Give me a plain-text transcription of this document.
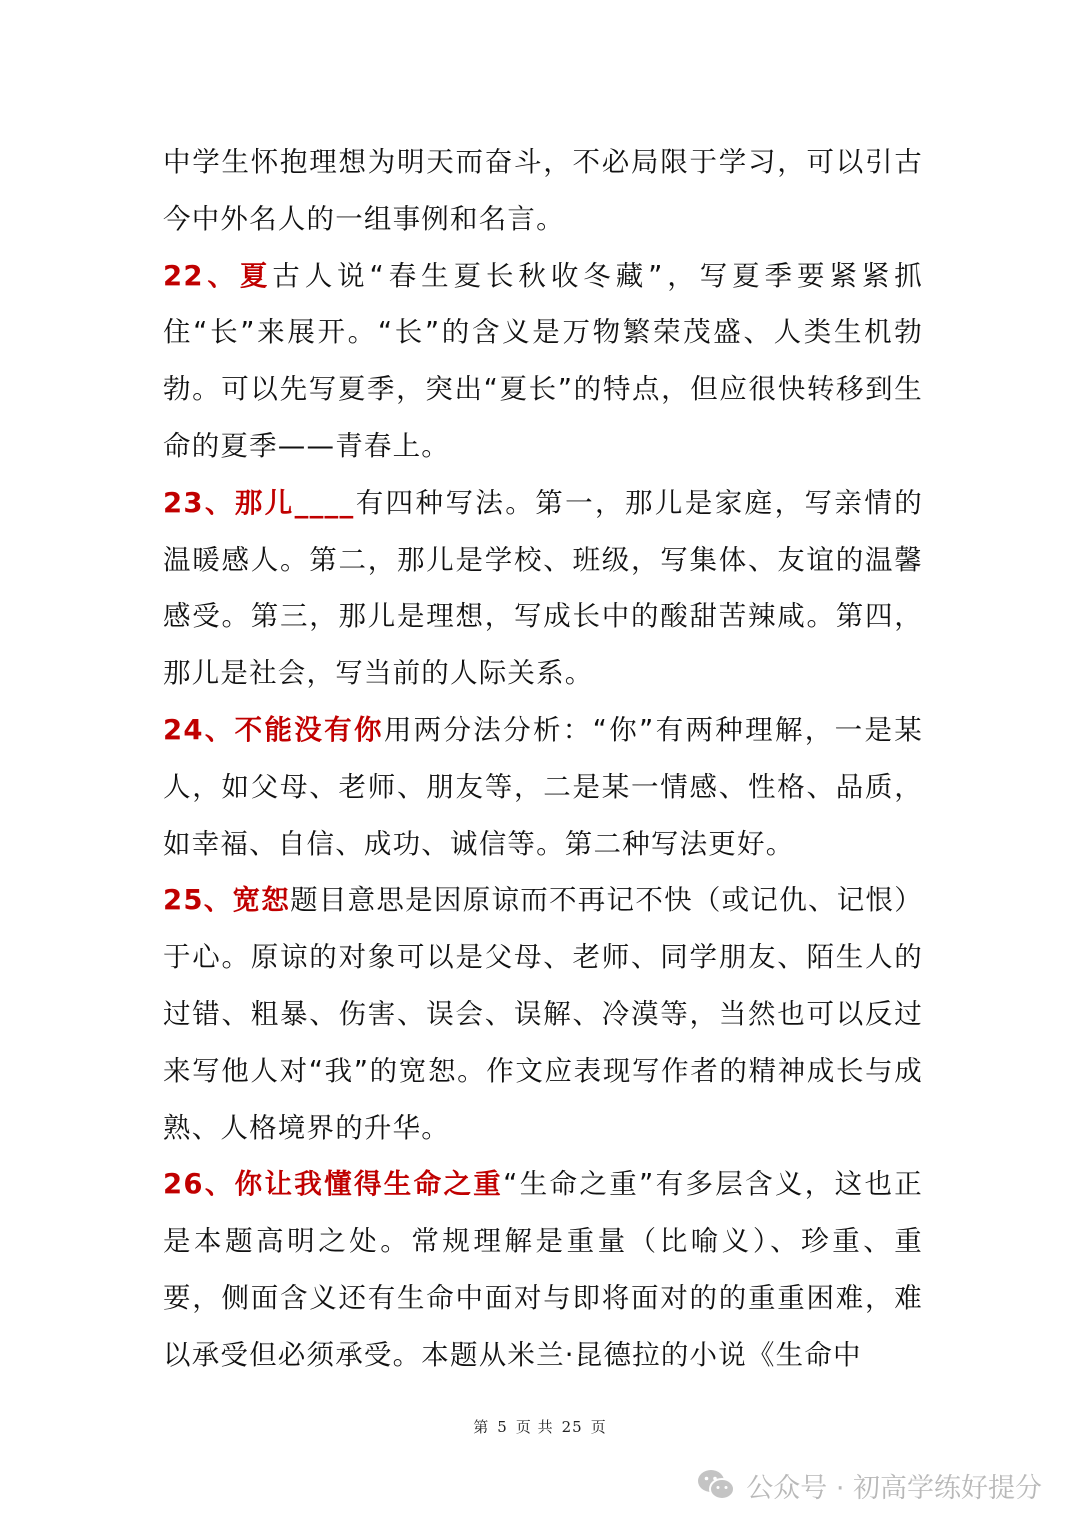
中学生怀抱理想为明天而奋斗，不必局限于学习，可以引古今中外名人的一组事例和名言。

22、夏古人说“春生夏长秋收冬藏”，写夏季要紧紧抓住“长”来展开。“长”的含义是万物繁荣茂盛、人类生机勃勃。可以先写夏季，突出“夏长”的特点，但应很快转移到生命的夏季——青春上。

23、那儿____有四种写法。第一，那儿是家庭，写亲情的温暖感人。第二，那儿是学校、班级，写集体、友谊的温馨感受。第三，那儿是理想，写成长中的酸甜苦辣咸。第四，那儿是社会，写当前的人际关系。

24、不能没有你用两分法分析：“你”有两种理解，一是某人，如父母、老师、朋友等，二是某一情感、性格、品质，如幸福、自信、成功、诚信等。第二种写法更好。

25、宽恕题目意思是因原谅而不再记不快（或记仇、记恨）于心。原谅的对象可以是父母、老师、同学朋友、陌生人的过错、粗暴、伤害、误会、误解、冷漠等，当然也可以反过来写他人对“我”的宽恕。作文应表现写作者的精神成长与成熟、人格境界的升华。

26、你让我懂得生命之重“生命之重”有多层含义，这也正是本题高明之处。常规理解是重量（比喻义）、珍重、重要，侧面含义还有生命中面对与即将面对的的重重困难，难以承受但必须承受。本题从米兰·昆德拉的小说《生命中

第 5 页 共 25 页
公众号 · 初高学练好提分
